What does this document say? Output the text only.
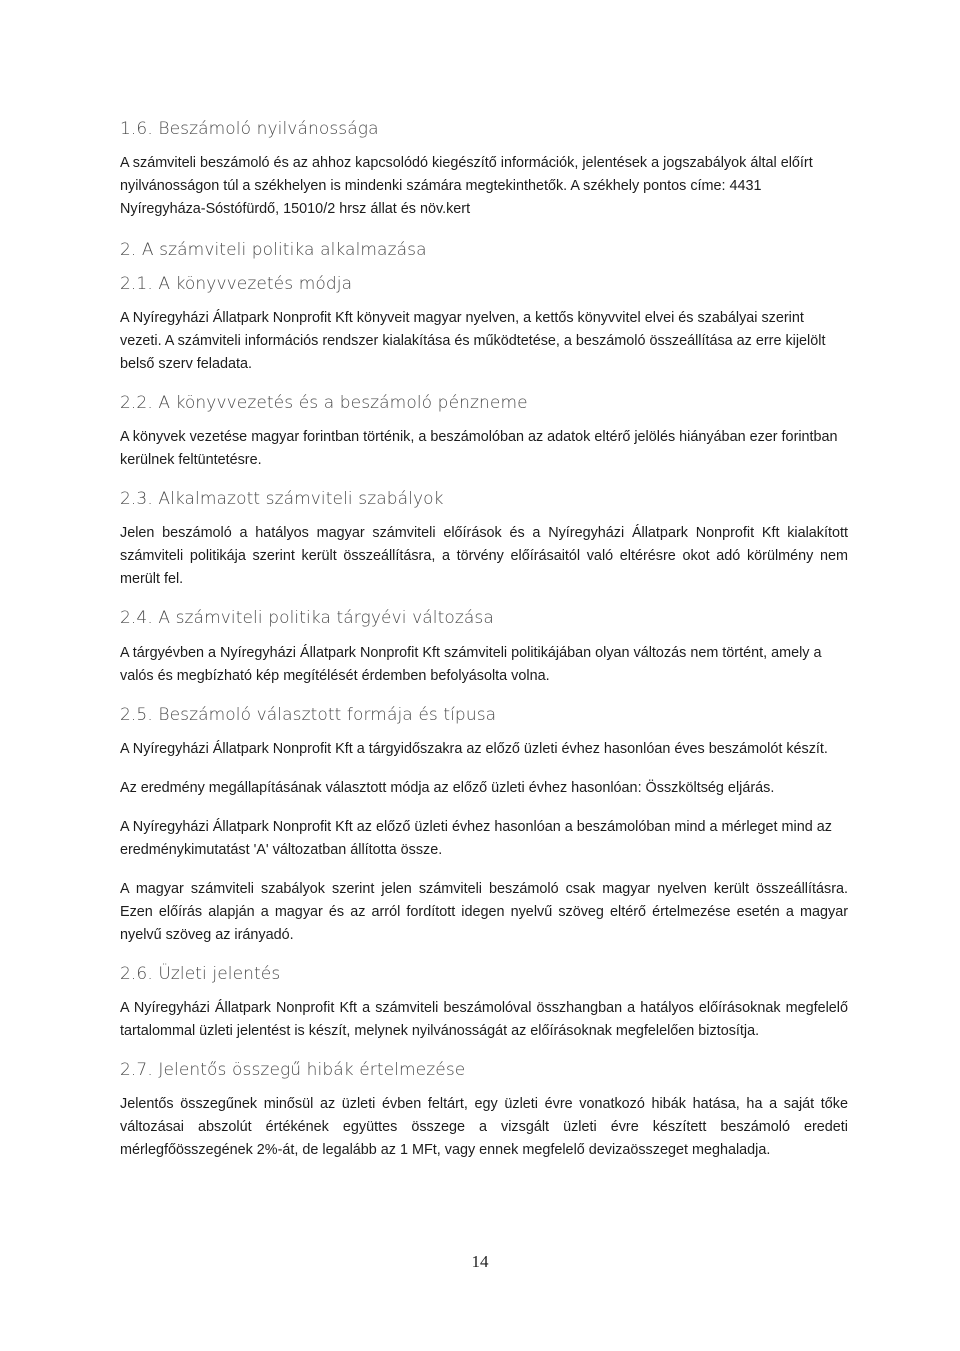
1.6. Beszámoló nyilvánossága

A számviteli beszámoló és az ahhoz kapcsolódó kiegészítő információk, jelentések a jogszabályok által előírt nyilvánosságon túl a székhelyen is mindenki számára megtekinthetők. A székhely pontos címe: 4431 Nyíregyháza-Sóstófürdő, 15010/2 hrsz állat és növ.kert

2. A számviteli politika alkalmazása
2.1. A könyvvezetés módja

A Nyíregyházi Állatpark Nonprofit Kft könyveit magyar nyelven, a kettős könyvvitel elvei és szabályai szerint vezeti. A számviteli információs rendszer kialakítása és működtetése, a beszámoló összeállítása az erre kijelölt belső szerv feladata.

2.2. A könyvvezetés és a beszámoló pénzneme

A könyvek vezetése magyar forintban történik, a beszámolóban az adatok eltérő jelölés hiányában ezer forintban kerülnek feltüntetésre.

2.3. Alkalmazott számviteli szabályok

Jelen beszámoló a hatályos magyar számviteli előírások és a Nyíregyházi Állatpark Nonprofit Kft kialakított számviteli politikája szerint került összeállításra, a törvény előírásaitól való eltérésre okot adó körülmény nem merült fel.

2.4. A számviteli politika tárgyévi változása

A tárgyévben a Nyíregyházi Állatpark Nonprofit Kft számviteli politikájában olyan változás nem történt, amely a valós és megbízható kép megítélését érdemben befolyásolta volna.

2.5. Beszámoló választott formája és típusa

A Nyíregyházi Állatpark Nonprofit Kft a tárgyidőszakra az előző üzleti évhez hasonlóan éves beszámolót készít.

Az eredmény megállapításának választott módja az előző üzleti évhez hasonlóan: Összköltség eljárás.

A Nyíregyházi Állatpark Nonprofit Kft az előző üzleti évhez hasonlóan a beszámolóban mind a mérleget mind az eredménykimutatást 'A' változatban állította össze.

A magyar számviteli szabályok szerint jelen számviteli beszámoló csak magyar nyelven került összeállításra. Ezen előírás alapján a magyar és az arról fordított idegen nyelvű szöveg eltérő értelmezése esetén a magyar nyelvű szöveg az irányadó.

2.6. Üzleti jelentés

A Nyíregyházi Állatpark Nonprofit Kft a számviteli beszámolóval összhangban a hatályos előírásoknak megfelelő tartalommal üzleti jelentést is készít, melynek nyilvánosságát az előírásoknak megfelelően biztosítja.

2.7. Jelentős összegű hibák értelmezése

Jelentős összegűnek minősül az üzleti évben feltárt, egy üzleti évre vonatkozó hibák hatása, ha a saját tőke változásai abszolút értékének együttes összege a vizsgált üzleti évre készített beszámoló eredeti mérlegfőösszegének 2%-át, de legalább az 1 MFt, vagy ennek megfelelő devizaösszeget meghaladja.

14
